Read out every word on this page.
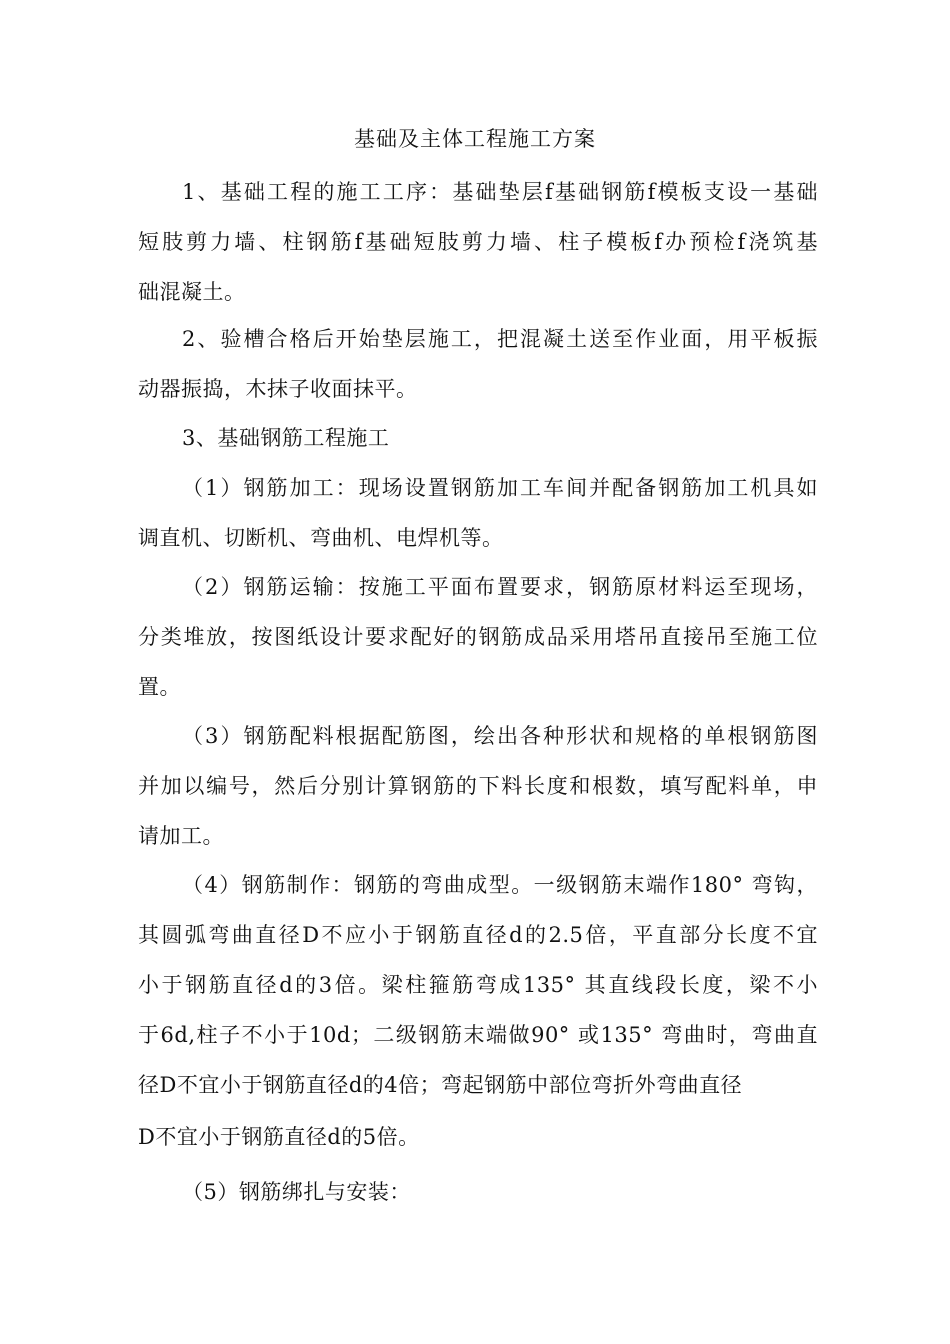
基础及主体工程施工方案
1、基础工程的施工工序：基础垫层f基础钢筋f模板支设一基础
短肢剪力墙、柱钢筋f基础短肢剪力墙、柱子模板f办预检f浇筑基
础混凝土。
2、验槽合格后开始垫层施工，把混凝土送至作业面，用平板振
动器振捣，木抹子收面抹平。
3、基础钢筋工程施工
（1）钢筋加工：现场设置钢筋加工车间并配备钢筋加工机具如
调直机、切断机、弯曲机、电焊机等。
（2）钢筋运输：按施工平面布置要求，钢筋原材料运至现场，
分类堆放，按图纸设计要求配好的钢筋成品采用塔吊直接吊至施工位
置。
（3）钢筋配料根据配筋图，绘出各种形状和规格的单根钢筋图
并加以编号，然后分别计算钢筋的下料长度和根数，填写配料单，申
请加工。
（4）钢筋制作：钢筋的弯曲成型。一级钢筋末端作180° 弯钩，
其圆弧弯曲直径D不应小于钢筋直径d的2.5倍，平直部分长度不宜
小于钢筋直径d的3倍。梁柱箍筋弯成135° 其直线段长度，梁不小
于6d,柱子不小于10d；二级钢筋末端做90° 或135° 弯曲时，弯曲直
径D不宜小于钢筋直径d的4倍；弯起钢筋中部位弯折外弯曲直径
D不宜小于钢筋直径d的5倍。
（5）钢筋绑扎与安装：
